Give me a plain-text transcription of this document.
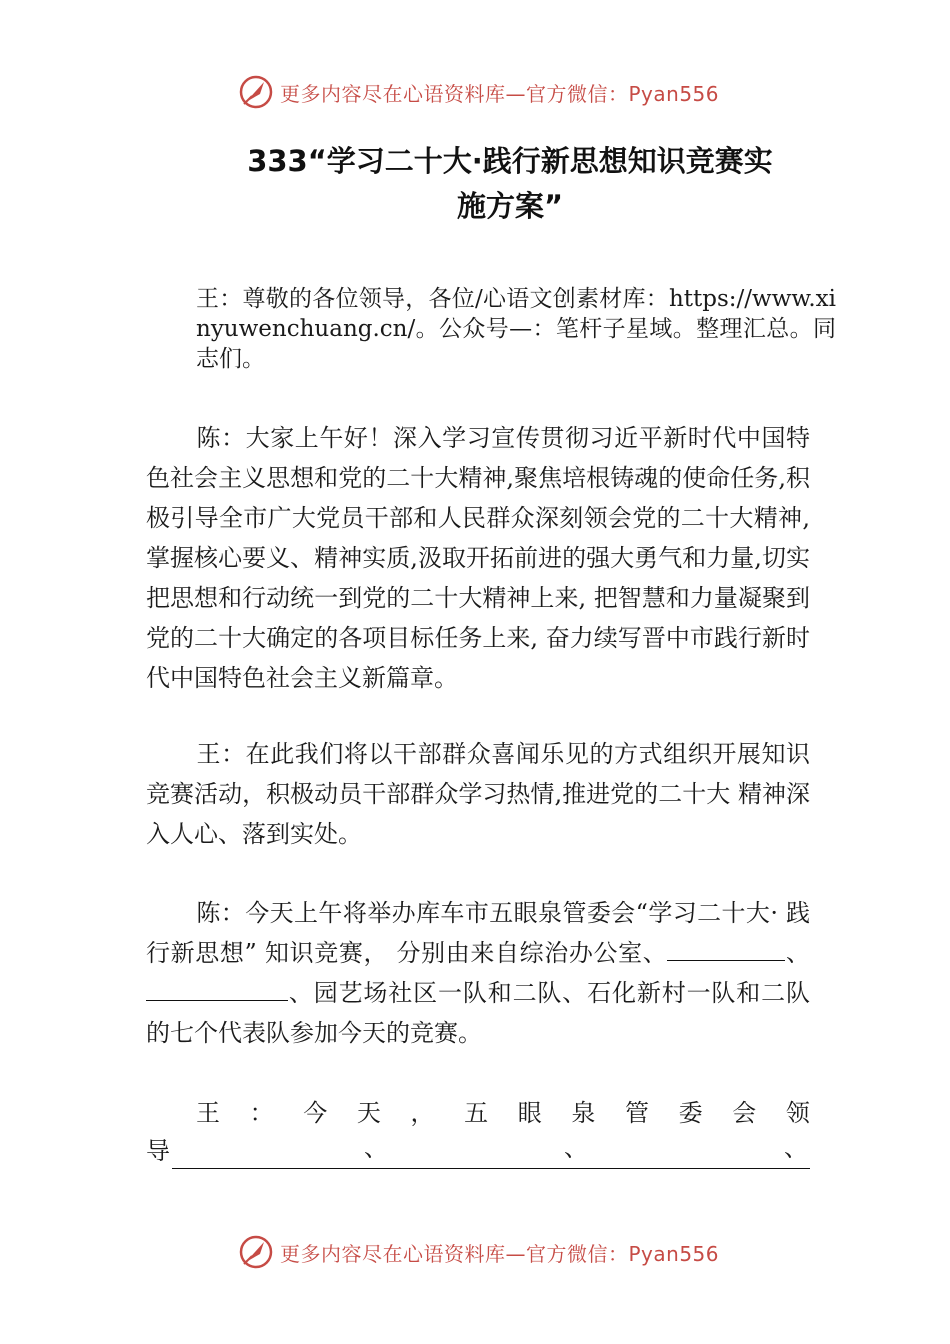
更多内容尽在心语资料库—官方微信：Pyan556
333“学习二十大·践行新思想知识竞赛实
施方案”

王：尊敬的各位领导，各位/心语文创素材库：https://www.xinyuwenchuang.cn/。公众号—：笔杆子星域。整理汇总。同志们。

陈：大家上午好！深入学习宣传贯彻习近平新时代中国特色社会主义思想和党的二十大精神,聚焦培根铸魂的使命任务,积极引导全市广大党员干部和人民群众深刻领会党的二十大精神,掌握核心要义、精神实质,汲取开拓前进的强大勇气和力量,切实把思想和行动统一到党的二十大精神上来, 把智慧和力量凝聚到党的二十大确定的各项目标任务上来, 奋力续写晋中市践行新时代中国特色社会主义新篇章。

王：在此我们将以干部群众喜闻乐见的方式组织开展知识竞赛活动，积极动员干部群众学习热情,推进党的二十大 精神深入人心、落到实处。

陈：今天上午将举办库车市五眼泉管委会“学习二十大· 践行新思想” 知识竞赛， 分别由来自综治办公室、	、、园艺场社区一队和二队、石化新村一队和二队的七个代表队参加今天的竞赛。

王 ： 今 天 ， 五 眼 泉 管 委 会 领
导	、	、	、
更多内容尽在心语资料库—官方微信：Pyan556
